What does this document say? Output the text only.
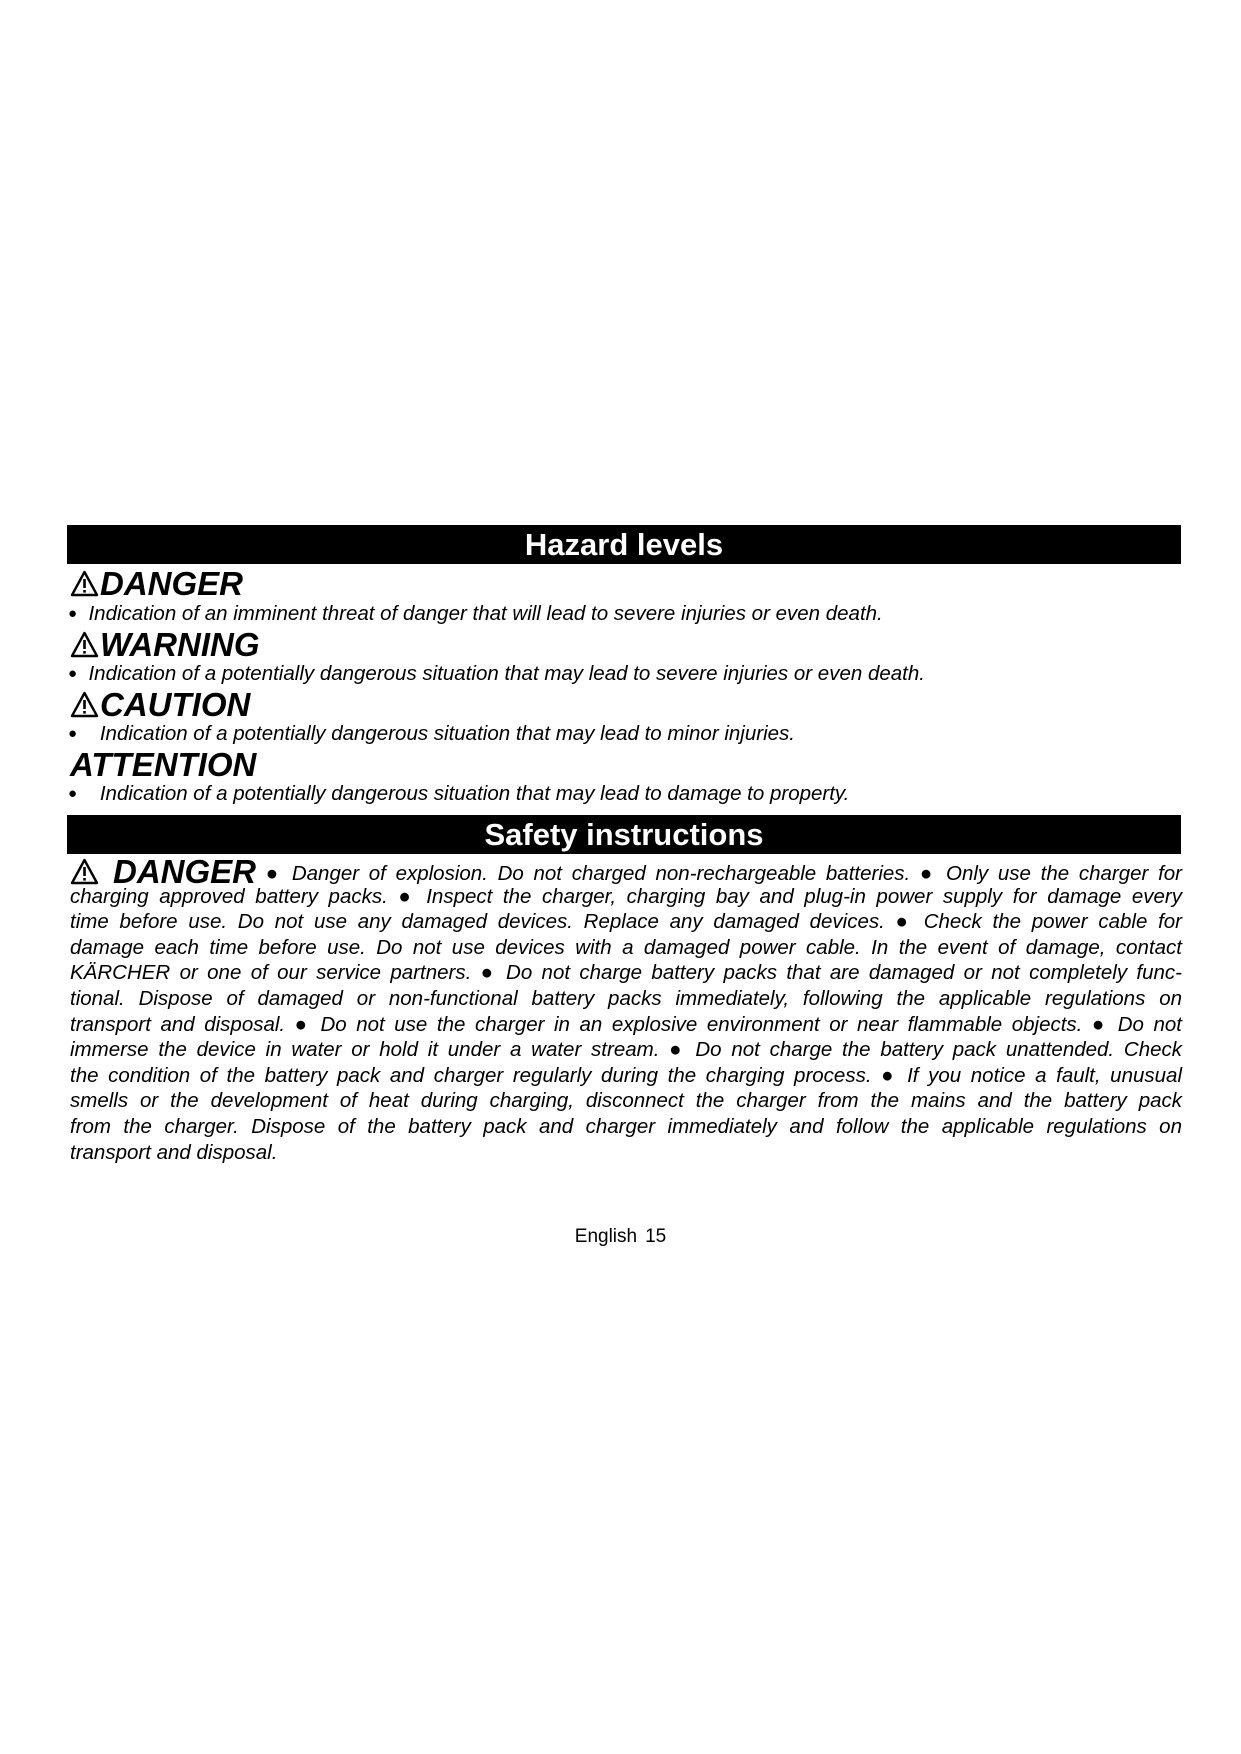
Hazard levels
DANGER
● Indication of an imminent threat of danger that will lead to severe injuries or even death.
WARNING
● Indication of a potentially dangerous situation that may lead to severe injuries or even death.
CAUTION
● Indication of a potentially dangerous situation that may lead to minor injuries.
ATTENTION
● Indication of a potentially dangerous situation that may lead to damage to property.
Safety instructions
DANGER ● Danger of explosion. Do not charged non-rechargeable batteries. ● Only use the charger for
charging approved battery packs. ● Inspect the charger, charging bay and plug-in power supply for damage every
time before use. Do not use any damaged devices. Replace any damaged devices. ● Check the power cable for
damage each time before use. Do not use devices with a damaged power cable. In the event of damage, contact
KÄRCHER or one of our service partners. ● Do not charge battery packs that are damaged or not completely func-
tional. Dispose of damaged or non-functional battery packs immediately, following the applicable regulations on
transport and disposal. ● Do not use the charger in an explosive environment or near flammable objects. ● Do not
immerse the device in water or hold it under a water stream. ● Do not charge the battery pack unattended. Check
the condition of the battery pack and charger regularly during the charging process. ● If you notice a fault, unusual
smells or the development of heat during charging, disconnect the charger from the mains and the battery pack
from the charger. Dispose of the battery pack and charger immediately and follow the applicable regulations on
transport and disposal.
English 15
